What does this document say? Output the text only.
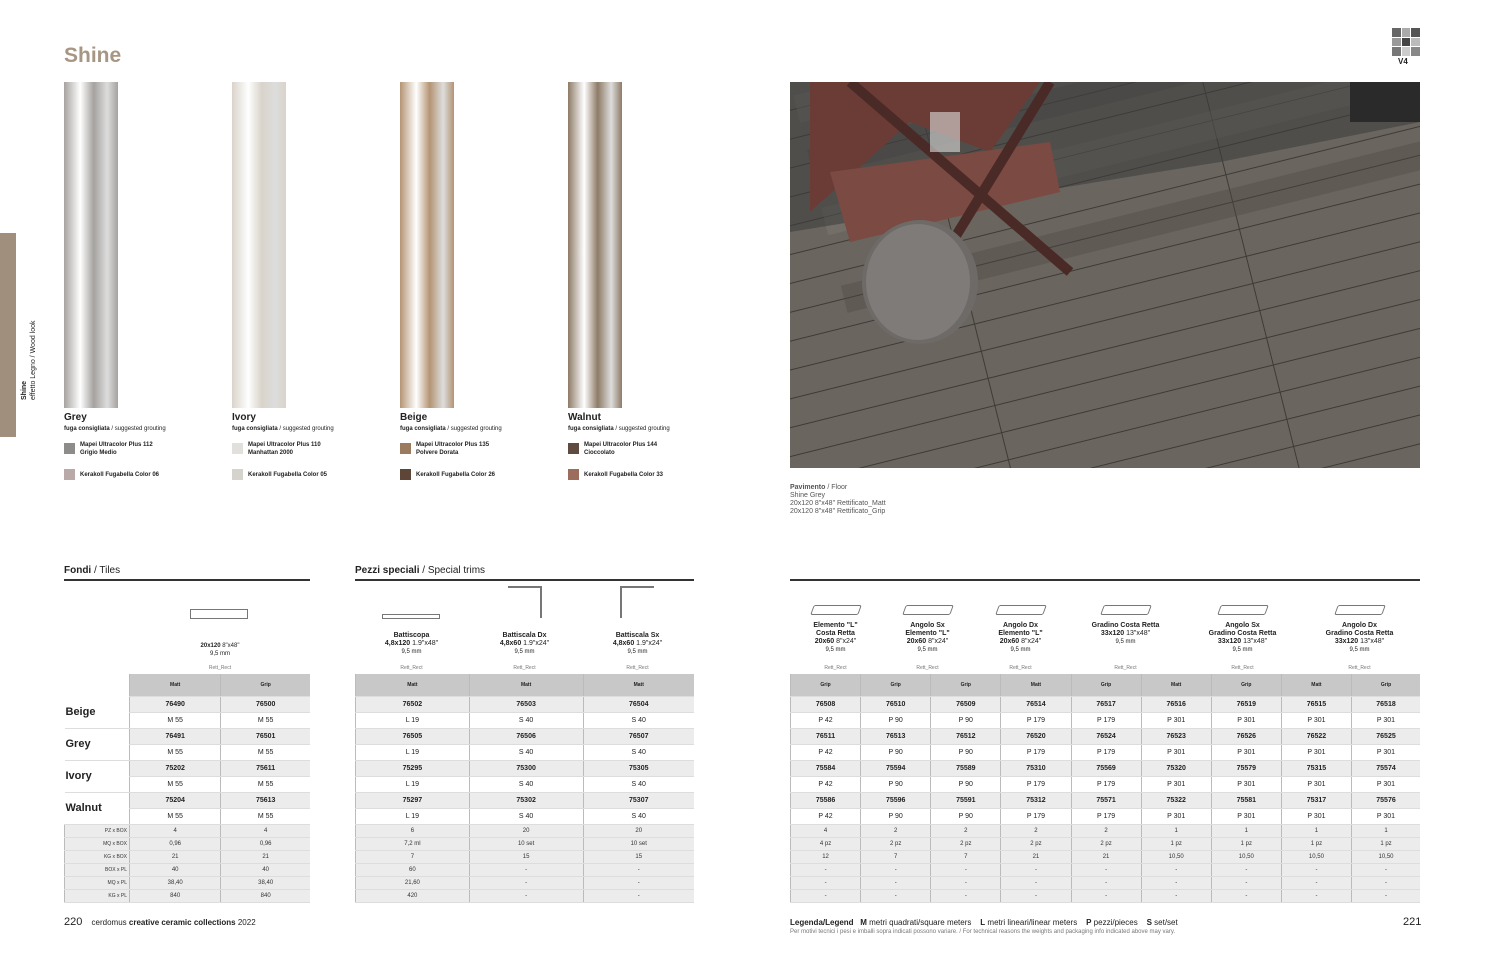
Shine effetto Legno / Wood look
Shine	V4
Grey
fuga consigliata / suggested grouting
Mapei Ultracolor Plus 112
Grigio Medio
Kerakoll Fugabella Color 06
Ivory
fuga consigliata / suggested grouting
Mapei Ultracolor Plus 110
Manhattan 2000
Kerakoll Fugabella Color 05
Beige
fuga consigliata / suggested grouting
Mapei Ultracolor Plus 135
Polvere Dorata
Kerakoll Fugabella Color 26
Walnut
fuga consigliata / suggested grouting
Mapei Ultracolor Plus 144
Cioccolato
Kerakoll Fugabella Color 33
Pavimento / Floor
Shine Grey
20x120 8"x48" Rettificato_Matt
20x120 8"x48" Rettificato_Grip
Fondi / Tiles
20x120 8"x48"
9,5 mm
Rett_Rect
	Matt	Grip
Beige	76490	76500
	M 55	M 55
Grey	76491	76501
	M 55	M 55
Ivory	75202	75611
	M 55	M 55
Walnut	75204	75613
	M 55	M 55
PZ x BOX	4	4
MQ x BOX	0,96	0,96
KG x BOX	21	21
BOX x PL	40	40
MQ x PL	38,40	38,40
KG x PL	840	840
Pezzi speciali / Special trims
Battiscopa
4,8x120 1.9"x48"
9,5 mm
Rett_Rect
Battiscala Dx
4,8x60 1.9"x24"
9,5 mm
Rett_Rect
Battiscala Sx
4,8x60 1.9"x24"
9,5 mm
Rett_Rect
Matt	Matt	Matt
76502	76503	76504
L 19	S 40	S 40
76505	76506	76507
L 19	S 40	S 40
75295	75300	75305
L 19	S 40	S 40
75297	75302	75307
L 19	S 40	S 40
6	20	20
7,2 ml	10 set	10 set
7	15	15
60	-	-
21,60	-	-
420	-	-
Elemento "L"
Costa Retta
20x60 8"x24"
9,5 mm
Rett_Rect
Angolo Sx
Elemento "L"
20x60 8"x24"
9,5 mm
Rett_Rect
Angolo Dx
Elemento "L"
20x60 8"x24"
9,5 mm
Rett_Rect
Gradino Costa Retta
33x120 13"x48"
9,5 mm
Rett_Rect
Angolo Sx
Gradino Costa Retta
33x120 13"x48"
9,5 mm
Rett_Rect
Angolo Dx
Gradino Costa Retta
33x120 13"x48"
9,5 mm
Rett_Rect
Grip	Grip	Grip	Matt	Grip	Matt	Grip	Matt	Grip
76508	76510	76509	76514	76517	76516	76519	76515	76518
P 42	P 90	P 90	P 179	P 179	P 301	P 301	P 301	P 301
76511	76513	76512	76520	76524	76523	76526	76522	76525
P 42	P 90	P 90	P 179	P 179	P 301	P 301	P 301	P 301
75584	75594	75589	75310	75569	75320	75579	75315	75574
P 42	P 90	P 90	P 179	P 179	P 301	P 301	P 301	P 301
75586	75596	75591	75312	75571	75322	75581	75317	75576
P 42	P 90	P 90	P 179	P 179	P 301	P 301	P 301	P 301
4	2	2	2	2	1	1	1	1
4 pz	2 pz	2 pz	2 pz	2 pz	1 pz	1 pz	1 pz	1 pz
12	7	7	21	21	10,50	10,50	10,50	10,50
-	-	-	-	-	-	-	-	-
-	-	-	-	-	-	-	-	-
-	-	-	-	-	-	-	-	-
220 cerdomus creative ceramic collections 2022	Legenda/Legend M metri quadrati/square meters L metri lineari/linear meters P pezzi/pieces S set/set
Per motivi tecnici i pesi e imballi sopra indicati possono variare. / For technical reasons the weights and packaging info indicated above may vary.
221
